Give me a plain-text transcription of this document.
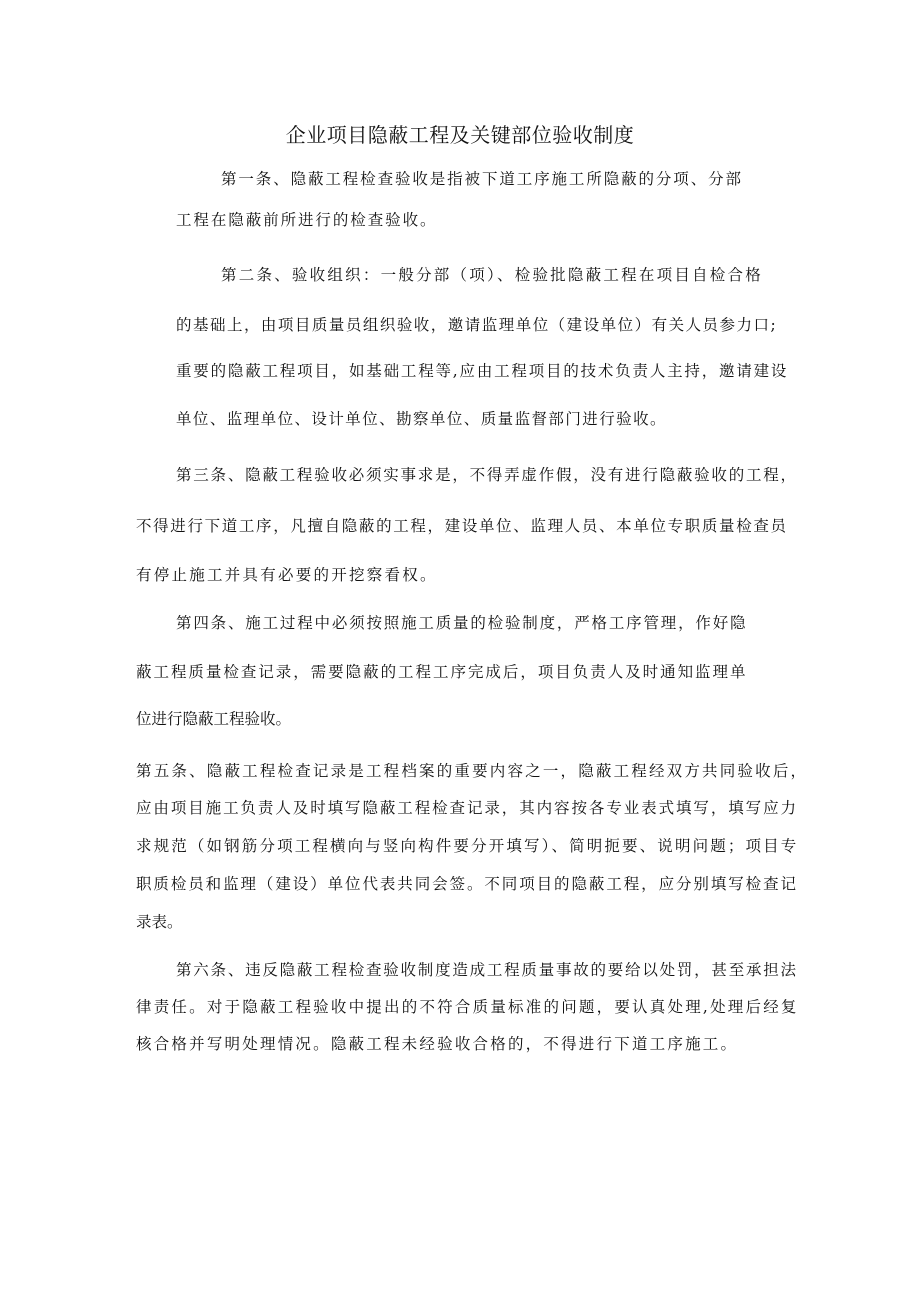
企业项目隐蔽工程及关键部位验收制度
第一条、隐蔽工程检查验收是指被下道工序施工所隐蔽的分项、分部
工程在隐蔽前所进行的检查验收。
第二条、验收组织：一般分部（项）、检验批隐蔽工程在项目自检合格
的基础上，由项目质量员组织验收，邀请监理单位（建设单位）有关人员参力口;
重要的隐蔽工程项目，如基础工程等,应由工程项目的技术负责人主持，邀请建设
单位、监理单位、设计单位、勘察单位、质量监督部门进行验收。
第三条、隐蔽工程验收必须实事求是，不得弄虚作假，没有进行隐蔽验收的工程，
不得进行下道工序，凡擅自隐蔽的工程，建设单位、监理人员、本单位专职质量检查员
有停止施工并具有必要的开挖察看权。
第四条、施工过程中必须按照施工质量的检验制度，严格工序管理，作好隐
蔽工程质量检查记录，需要隐蔽的工程工序完成后，项目负责人及时通知监理单
位进行隐蔽工程验收。
第五条、隐蔽工程检查记录是工程档案的重要内容之一，隐蔽工程经双方共同验收后，
应由项目施工负责人及时填写隐蔽工程检查记录，其内容按各专业表式填写，填写应力
求规范（如钢筋分项工程横向与竖向构件要分开填写）、简明扼要、说明问题；项目专
职质检员和监理（建设）单位代表共同会签。不同项目的隐蔽工程，应分别填写检查记
录表。
第六条、违反隐蔽工程检查验收制度造成工程质量事故的要给以处罚，甚至承担法
律责任。对于隐蔽工程验收中提出的不符合质量标准的问题，要认真处理,处理后经复
核合格并写明处理情况。隐蔽工程未经验收合格的，不得进行下道工序施工。
